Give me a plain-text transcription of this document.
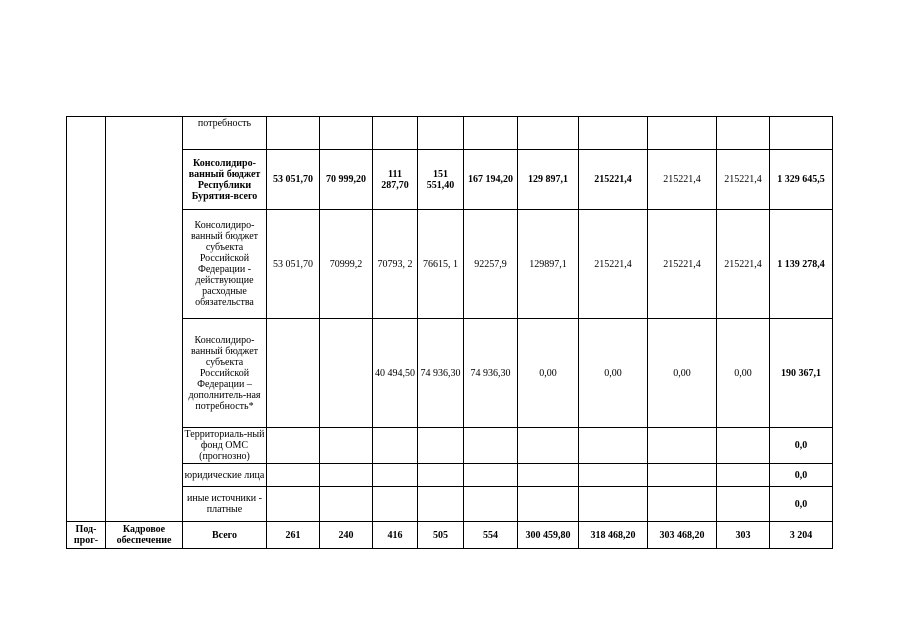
		потребность										
		Консолидиро-ванный бюджет Республики Бурятия-всего	53 051,70	70 999,20	111 287,70	151 551,40	167 194,20	129 897,1	215221,4	215221,4	215221,4	1 329 645,5
		Консолидиро-ванный бюджет субъекта Российской Федерации - действующие расходные обязательства	53 051,70	70999,2	70793, 2	76615, 1	92257,9	129897,1	215221,4	215221,4	215221,4	1 139 278,4
		Консолидиро-ванный бюджет субъекта Российской Федерации – дополнитель-ная потребность*			40 494,50	74 936,30	74 936,30	0,00	0,00	0,00	0,00	190 367,1
		Территориаль-ный фонд ОМС (прогнозно)										0,0
		юридические лица										0,0
		иные источники - платные										0,0
Под-прог-	Кадровое обеспечение	Всего	261	240	416	505	554	300 459,80	318 468,20	303 468,20	303	3 204
